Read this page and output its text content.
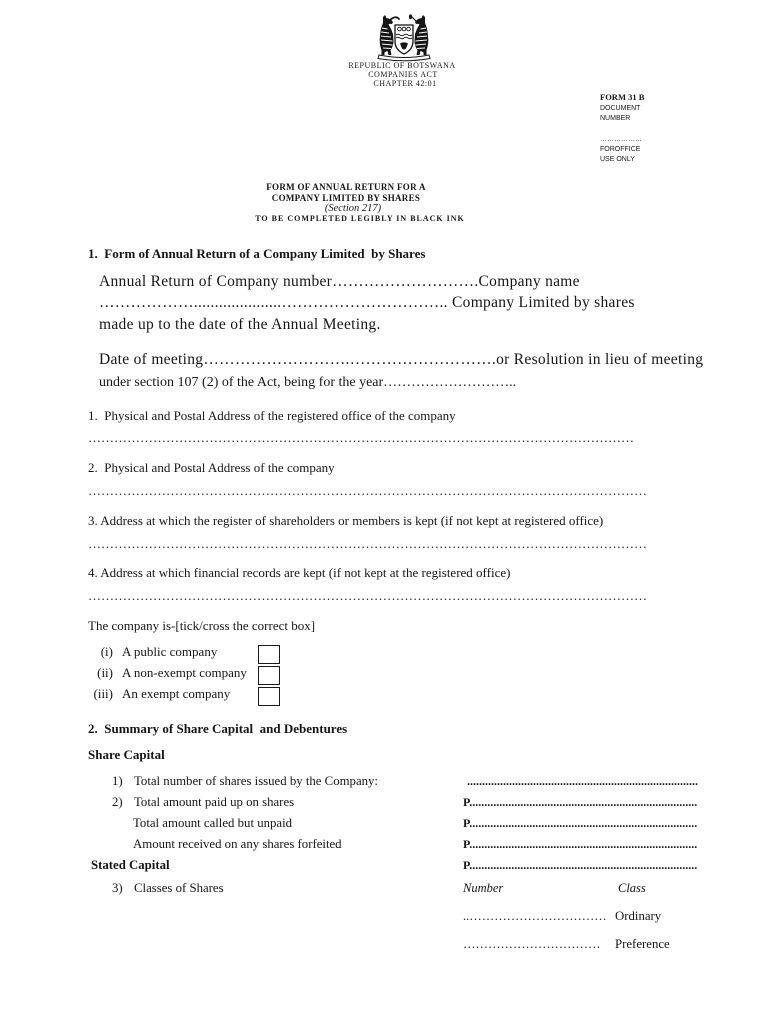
REPUBLIC OF BOTSWANA
COMPANIES ACT
CHAPTER 42:01
FORM 31 B
DOCUMENT
NUMBER
………………
FOROFFICE
USE ONLY
FORM OF ANNUAL RETURN FOR A
COMPANY LIMITED BY SHARES
(Section 217)
TO BE COMPLETED LEGIBLY IN BLACK INK
1.  Form of Annual Return of a Company Limited  by Shares
Annual Return of Company number……………………….Company name
……………….....................………………………….. Company Limited by shares
made up to the date of the Annual Meeting.
Date of meeting……………………….……………………….or Resolution in lieu of meeting
under section 107 (2) of the Act, being for the year………………………..
1.  Physical and Postal Address of the registered office of the company
………………………………………………………………………………………………………………
2.  Physical and Postal Address of the company
…………………………………………………………………………………………………………………
3. Address at which the register of shareholders or members is kept (if not kept at registered office)
…………………………………………………………………………………………………………………
4. Address at which financial records are kept (if not kept at the registered office)
…………………………………………………………………………………………………………………
The company is-[tick/cross the correct box]
(i) A public company
(ii) A non-exempt company
(iii) An exempt company
2.  Summary of Share Capital  and Debentures
Share Capital
1) Total number of shares issued by the Company:	.............................................................................
2) Total amount paid up on shares	P............................................................................
Total amount called but unpaid	P............................................................................
Amount received on any shares forfeited	P............................................................................
Stated Capital	P............................................................................
3) Classes of Shares	Number	Class
..…………………………… Ordinary
…………………………… Preference
